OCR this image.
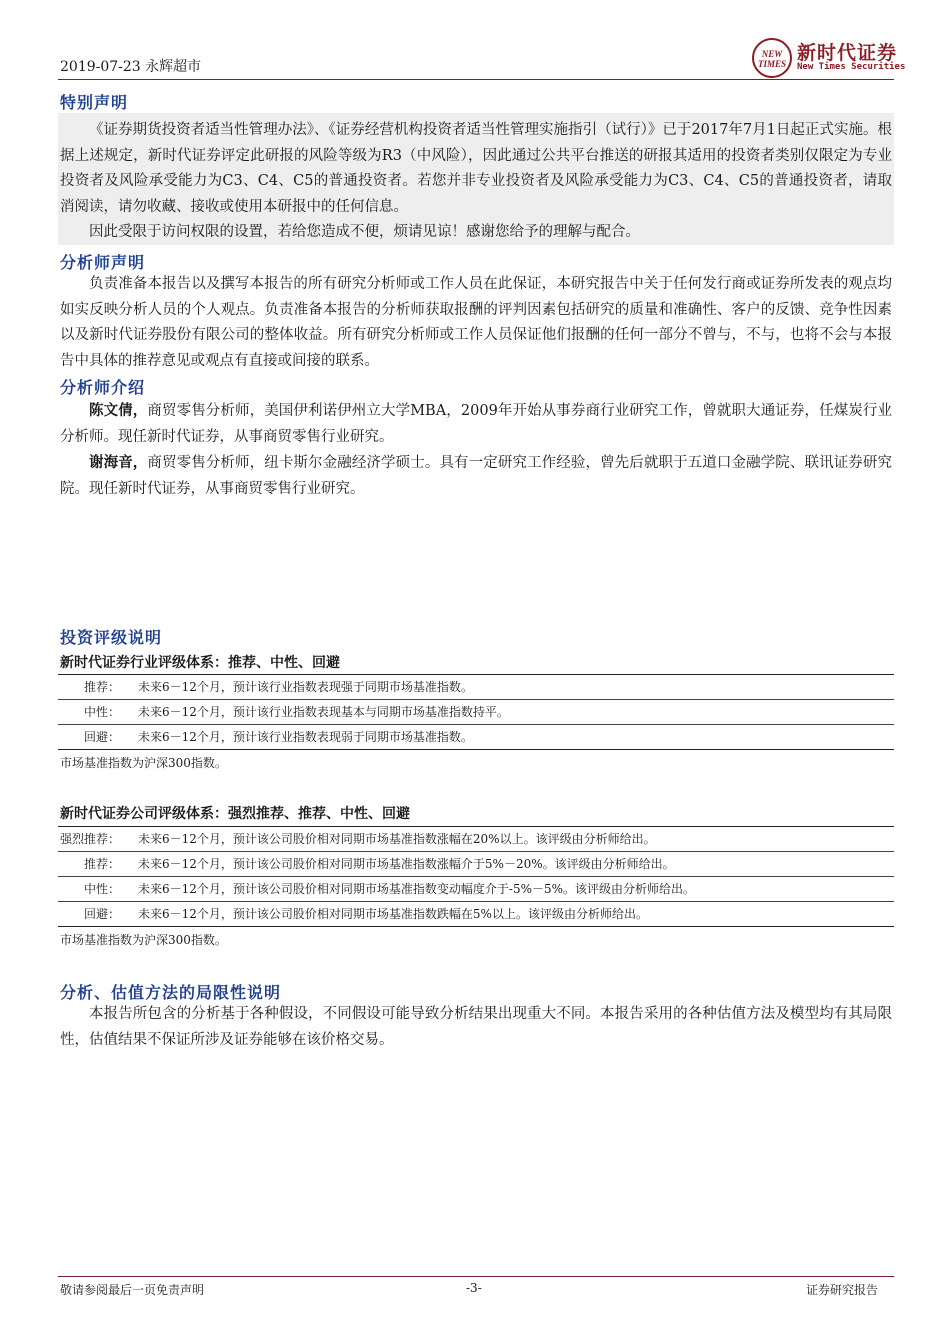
2019-07-23 永辉超市
NEW TIMES 新时代证券
New Times Securities
特别声明

《证券期货投资者适当性管理办法》、《证券经营机构投资者适当性管理实施指引（试行）》已于2017年7月1日起正式实施。根据上述规定，新时代证券评定此研报的风险等级为R3（中风险），因此通过公共平台推送的研报其适用的投资者类别仅限定为专业投资者及风险承受能力为C3、C4、C5的普通投资者。若您并非专业投资者及风险承受能力为C3、C4、C5的普通投资者，请取消阅读，请勿收藏、接收或使用本研报中的任何信息。

因此受限于访问权限的设置，若给您造成不便，烦请见谅！感谢您给予的理解与配合。

分析师声明

负责准备本报告以及撰写本报告的所有研究分析师或工作人员在此保证，本研究报告中关于任何发行商或证券所发表的观点均如实反映分析人员的个人观点。负责准备本报告的分析师获取报酬的评判因素包括研究的质量和准确性、客户的反馈、竞争性因素以及新时代证券股份有限公司的整体收益。所有研究分析师或工作人员保证他们报酬的任何一部分不曾与，不与，也将不会与本报告中具体的推荐意见或观点有直接或间接的联系。

分析师介绍

陈文倩，商贸零售分析师，美国伊利诺伊州立大学MBA，2009年开始从事券商行业研究工作，曾就职大通证券，任煤炭行业分析师。现任新时代证券，从事商贸零售行业研究。

谢海音，商贸零售分析师，纽卡斯尔金融经济学硕士。具有一定研究工作经验，曾先后就职于五道口金融学院、联讯证券研究院。现任新时代证券，从事商贸零售行业研究。

投资评级说明
新时代证券行业评级体系：推荐、中性、回避
推荐： 未来6－12个月，预计该行业指数表现强于同期市场基准指数。
中性： 未来6－12个月，预计该行业指数表现基本与同期市场基准指数持平。
回避： 未来6－12个月，预计该行业指数表现弱于同期市场基准指数。
市场基准指数为沪深300指数。
新时代证券公司评级体系：强烈推荐、推荐、中性、回避
强烈推荐： 未来6－12个月，预计该公司股价相对同期市场基准指数涨幅在20%以上。该评级由分析师给出。
推荐： 未来6－12个月，预计该公司股价相对同期市场基准指数涨幅介于5%－20%。该评级由分析师给出。
中性： 未来6－12个月，预计该公司股价相对同期市场基准指数变动幅度介于-5%－5%。该评级由分析师给出。
回避： 未来6－12个月，预计该公司股价相对同期市场基准指数跌幅在5%以上。该评级由分析师给出。
市场基准指数为沪深300指数。
分析、估值方法的局限性说明

本报告所包含的分析基于各种假设，不同假设可能导致分析结果出现重大不同。本报告采用的各种估值方法及模型均有其局限性，估值结果不保证所涉及证券能够在该价格交易。

敬请参阅最后一页免责声明	-3-	证券研究报告
